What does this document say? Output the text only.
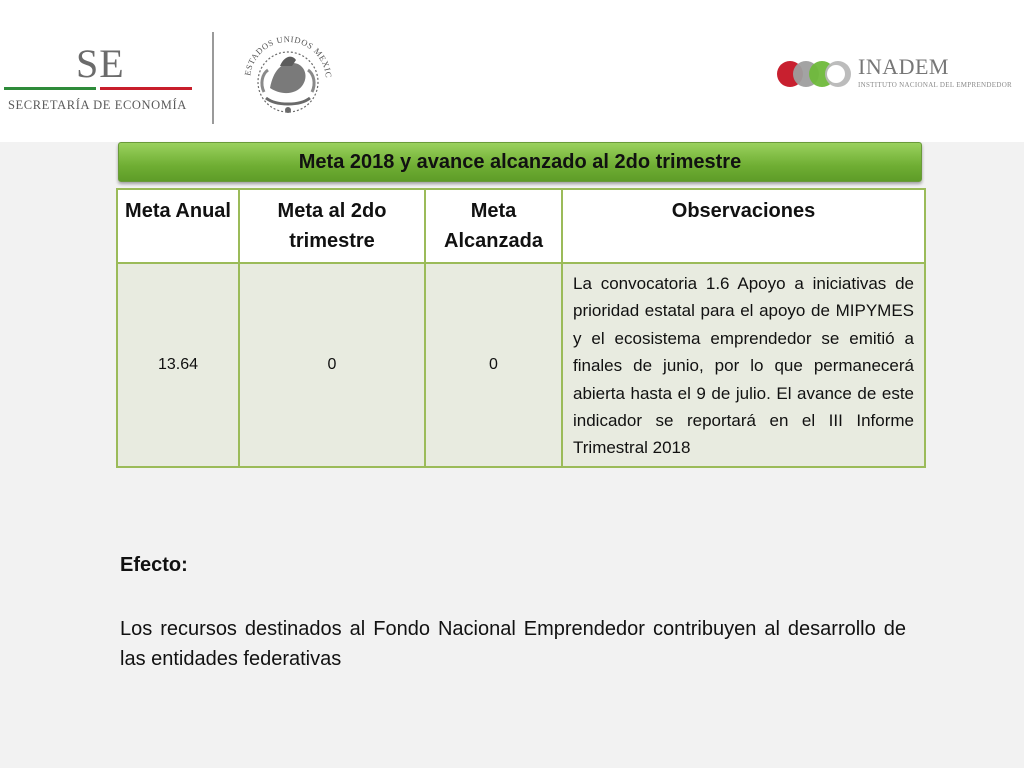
SE
SECRETARÍA DE ECONOMÍA
ESTADOS UNIDOS MEXIC	INADEM
INSTITUTO NACIONAL DEL EMPRENDEDOR
Meta 2018 y avance alcanzado al 2do trimestre
Meta Anual	Meta al 2do trimestre	Meta Alcanzada	Observaciones
13.64	0	0	La convocatoria 1.6 Apoyo a iniciativas de prioridad estatal para el apoyo de MIPYMES y el ecosistema emprendedor se emitió a finales de junio, por lo que permanecerá abierta hasta el 9 de julio. El avance de este indicador se reportará en el III Informe Trimestral 2018
Efecto:
Los recursos destinados al Fondo Nacional Emprendedor contribuyen al desarrollo de las entidades federativas
